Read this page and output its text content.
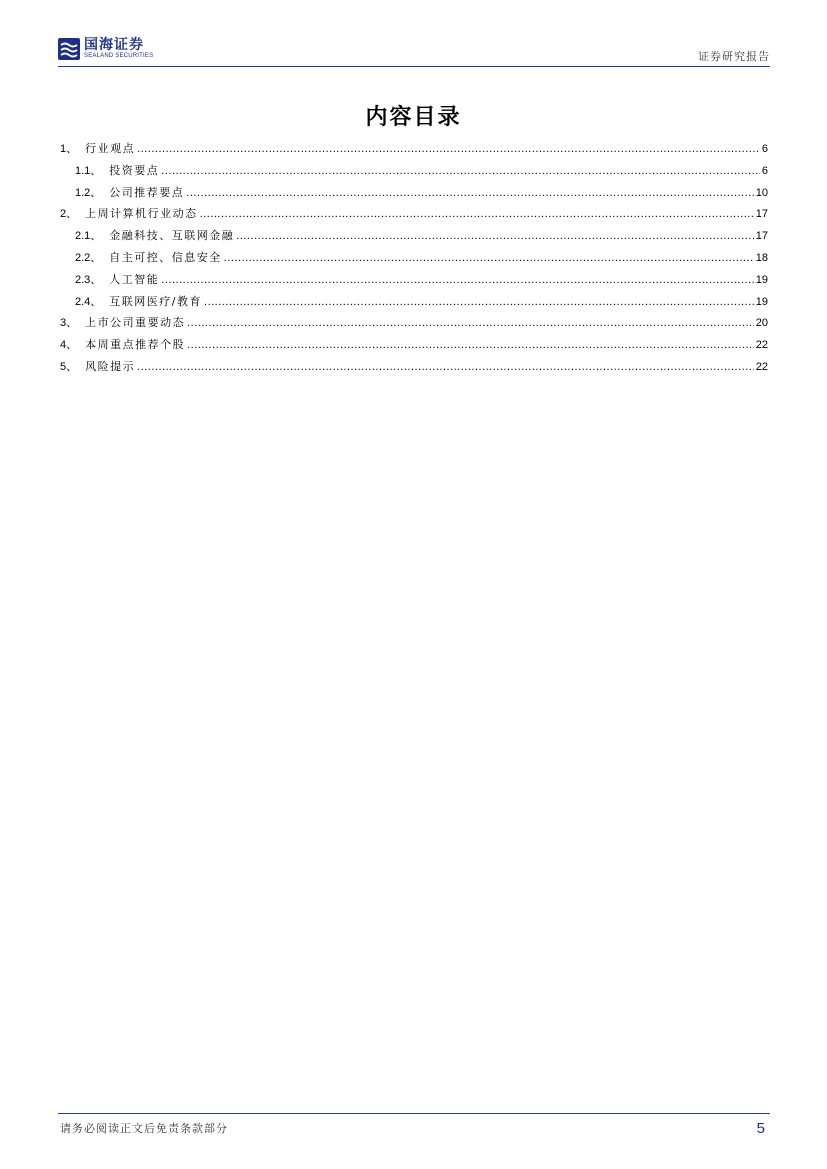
国海证券
SEALAND SECURITIES	证券研究报告
内容目录
1、 行业观点 .....	6
1.1、 投资要点 .....	6
1.2、 公司推荐要点 .....	10
2、 上周计算机行业动态 .....	17
2.1、 金融科技、互联网金融 .....	17
2.2、 自主可控、信息安全 .....	18
2.3、 人工智能 .....	19
2.4、 互联网医疗/教育 .....	19
3、 上市公司重要动态 .....	20
4、 本周重点推荐个股 .....	22
5、 风险提示 .....	22
请务必阅读正文后免责条款部分	5
